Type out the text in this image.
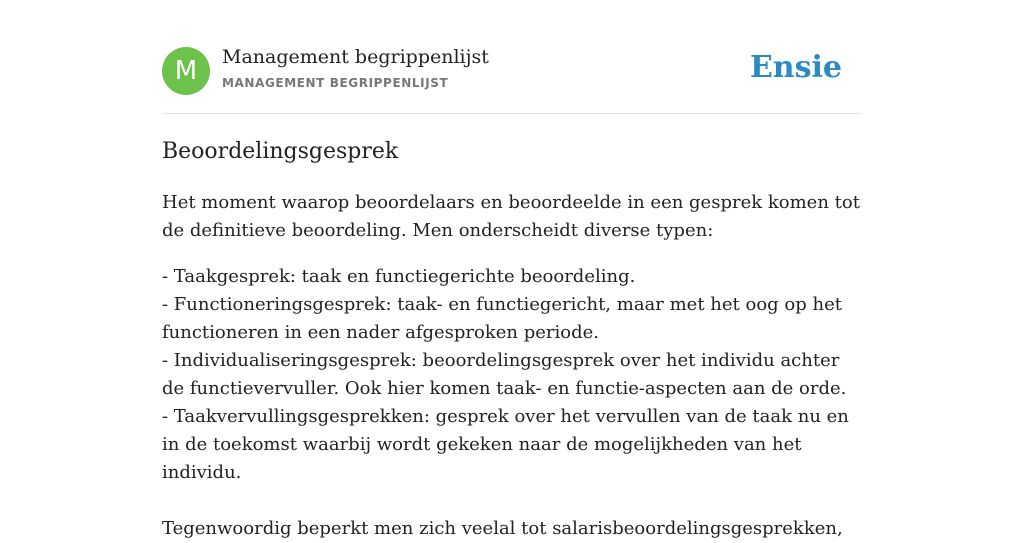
M	Management begrippenlijst
MANAGEMENT BEGRIPPENLIJST	Ensie
Beoordelingsgesprek

Het moment waarop beoordelaars en beoordeelde in een gesprek komen tot de definitieve beoordeling. Men onderscheidt diverse typen:

- Taakgesprek: taak en functiegerichte beoordeling.
- Functioneringsgesprek: taak- en functiegericht, maar met het oog op het functioneren in een nader afgesproken periode.
- Individualiseringsgesprek: beoordelingsgesprek over het individu achter de functievervuller. Ook hier komen taak- en functie-aspecten aan de orde.
- Taakvervullingsgesprekken: gesprek over het vervullen van de taak nu en in de toekomst waarbij wordt gekeken naar de mogelijkheden van het individu.

Tegenwoordig beperkt men zich veelal tot salarisbeoordelingsgesprekken,
